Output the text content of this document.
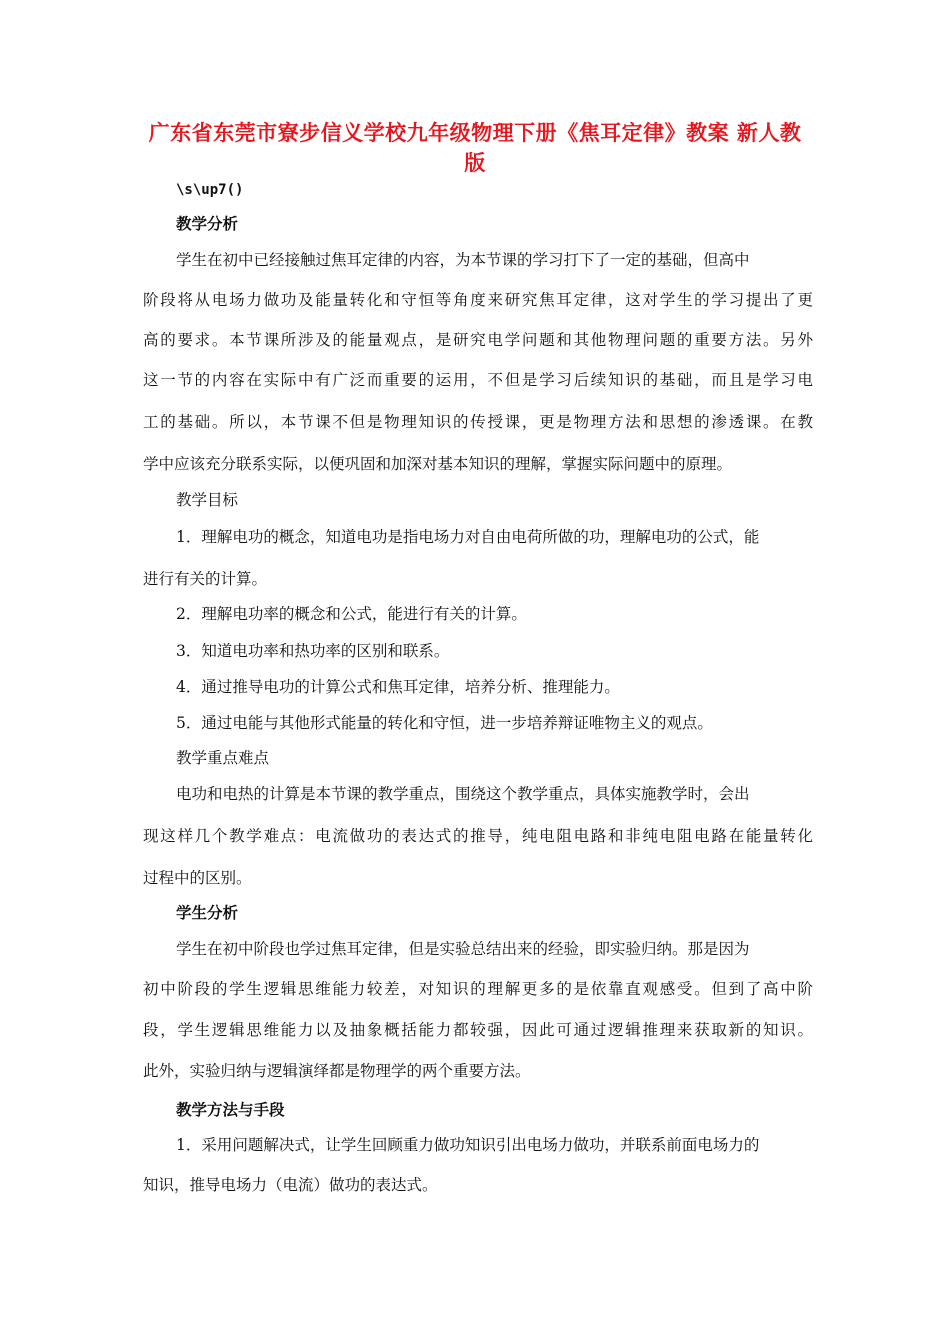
广东省东莞市寮步信义学校九年级物理下册《焦耳定律》教案 新人教版
\s\up7()
教学分析
学生在初中已经接触过焦耳定律的内容，为本节课的学习打下了一定的基础，但高中
阶段将从电场力做功及能量转化和守恒等角度来研究焦耳定律，这对学生的学习提出了更
高的要求。本节课所涉及的能量观点，是研究电学问题和其他物理问题的重要方法。另外
这一节的内容在实际中有广泛而重要的运用，不但是学习后续知识的基础，而且是学习电
工的基础。所以，本节课不但是物理知识的传授课，更是物理方法和思想的渗透课。在教
学中应该充分联系实际，以便巩固和加深对基本知识的理解，掌握实际问题中的原理。
教学目标
1．理解电功的概念，知道电功是指电场力对自由电荷所做的功，理解电功的公式，能
进行有关的计算。
2．理解电功率的概念和公式，能进行有关的计算。
3．知道电功率和热功率的区别和联系。
4．通过推导电功的计算公式和焦耳定律，培养分析、推理能力。
5．通过电能与其他形式能量的转化和守恒，进一步培养辩证唯物主义的观点。
教学重点难点
电功和电热的计算是本节课的教学重点，围绕这个教学重点，具体实施教学时，会出
现这样几个教学难点：电流做功的表达式的推导，纯电阻电路和非纯电阻电路在能量转化
过程中的区别。
学生分析
学生在初中阶段也学过焦耳定律，但是实验总结出来的经验，即实验归纳。那是因为
初中阶段的学生逻辑思维能力较差，对知识的理解更多的是依靠直观感受。但到了高中阶
段，学生逻辑思维能力以及抽象概括能力都较强，因此可通过逻辑推理来获取新的知识。
此外，实验归纳与逻辑演绎都是物理学的两个重要方法。
教学方法与手段
1．采用问题解决式，让学生回顾重力做功知识引出电场力做功，并联系前面电场力的
知识，推导电场力（电流）做功的表达式。
